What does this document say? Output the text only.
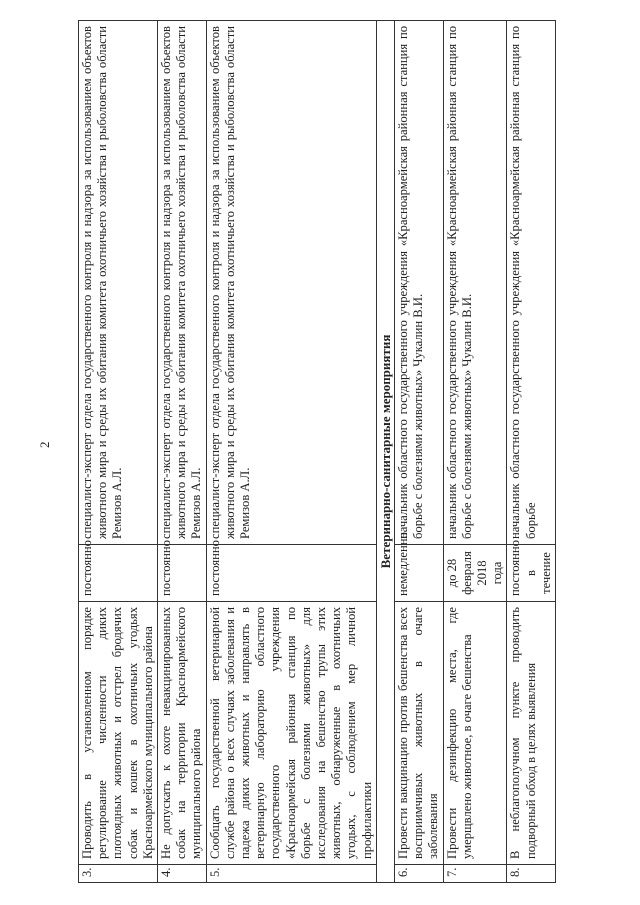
2
3.	Проводить в установленном порядке регулирование численности диких плотоядных животных и отстрел бродячих собак и кошек в охотничьих угодьях Красноармейского муниципального района	постоянно	специалист-эксперт отдела государственного контроля и надзора за использованием объектов животного мира и среды их обитания комитета охотничьего хозяйства и рыболовства области Ремизов А.Л.
4.	Не допускать к охоте невакцинированных собак на территории Красноармейского муниципального района	постоянно	специалист-эксперт отдела государственного контроля и надзора за использованием объектов животного мира и среды их обитания комитета охотничьего хозяйства и рыболовства области Ремизов А.Л.
5.	Сообщать государственной ветеринарной службе района о всех случаях заболевания и падежа диких животных и направлять в ветеринарную лабораторию областного государственного учреждения «Красноармейская районная станция по борьбе с болезнями животных» для исследования на бешенство трупы этих животных, обнаруженные в охотничьих угодьях, с соблюдением мер личной профилактики	постоянно	специалист-эксперт отдела государственного контроля и надзора за использованием объектов животного мира и среды их обитания комитета охотничьего хозяйства и рыболовства области Ремизов А.Л.
Ветеринарно-санитарные мероприятия			
6.	Провести вакцинацию против бешенства всех восприимчивых животных в очаге заболевания	немедленно	начальник областного государственного учреждения «Красноармейская районная станция по борьбе с болезнями животных» Чукалин В.И.
7.	Провести дезинфекцию места, где умерщвлено животное, в очаге бешенства	до 28 февраля 2018 года	начальник областного государственного учреждения «Красноармейская районная станция по борьбе с болезнями животных» Чукалин В.И.
8.	В неблагополучном пункте проводить подворный обход в целях выявления	постоянно в течение	начальник областного государственного учреждения «Красноармейская районная станция по борьбе
